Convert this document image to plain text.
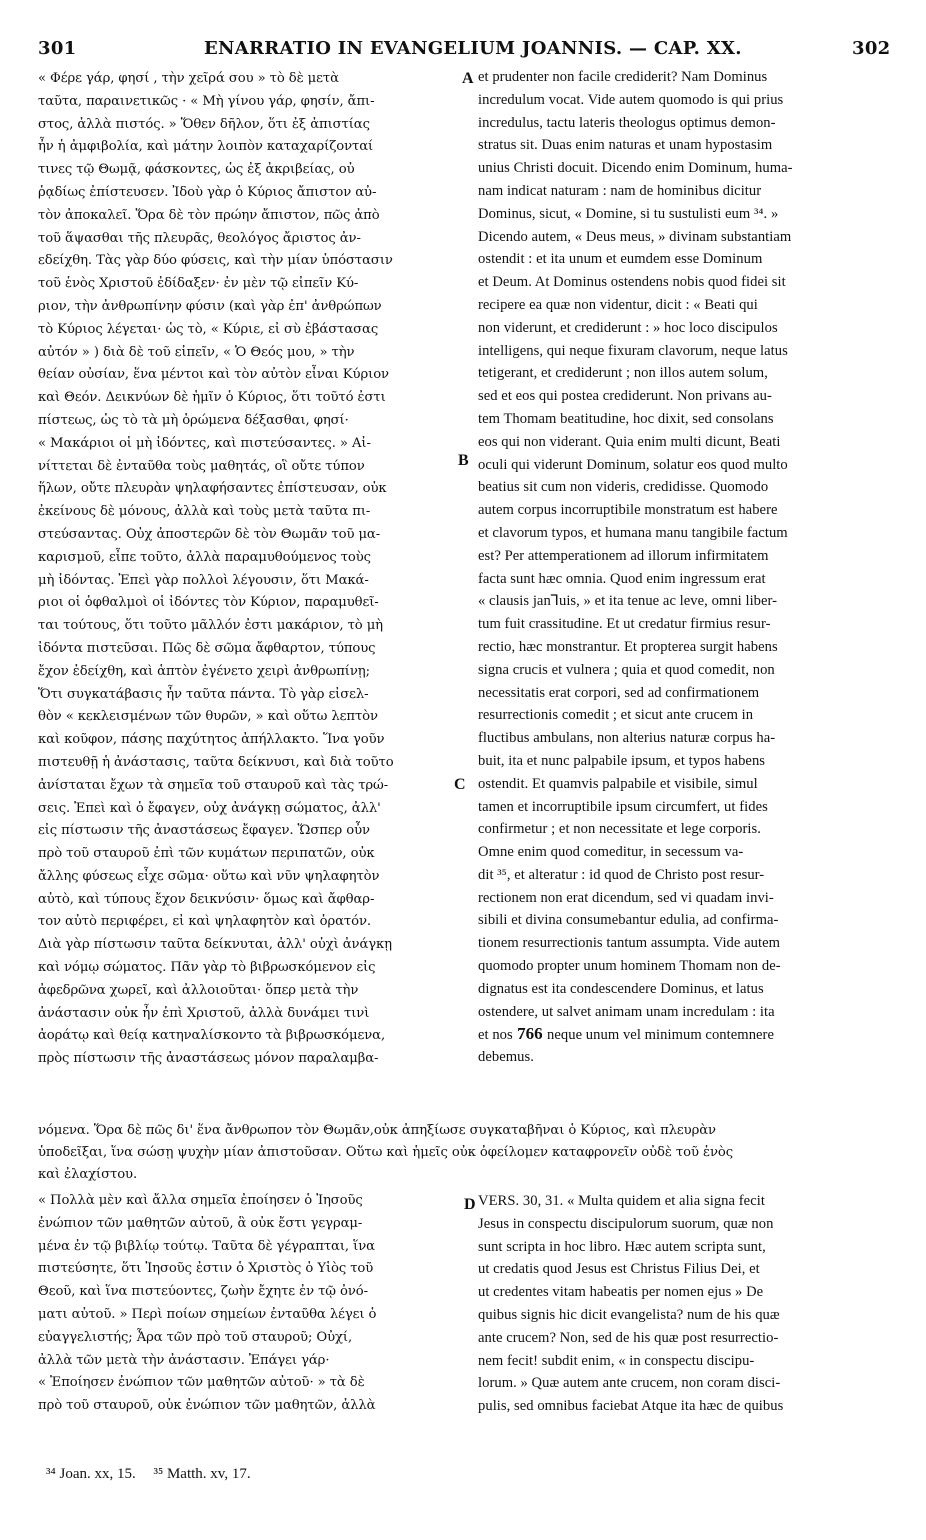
301	ENARRATIO IN EVANGELIUM JOANNIS. — CAP. XX.	302
A
B
C
D
« Φέρε γάρ, φησί , τὴν χεῖρά σου » τὸ δὲ μετὰ
ταῦτα, παραινετικῶς · « Μὴ γίνου γάρ, φησίν, ἄπι-
στος, ἀλλὰ πιστός. » Ὅθεν δῆλον, ὅτι ἐξ ἀπιστίας
ἦν ἡ ἀμφιβολία, καὶ μάτην λοιπὸν καταχαρίζονταί
τινες τῷ Θωμᾷ, φάσκοντες, ὡς ἐξ ἀκριβείας, οὐ
ῥᾳδίως ἐπίστευσεν. Ἰδοὺ γὰρ ὁ Κύριος ἄπιστον αὐ-
τὸν ἀποκαλεῖ. Ὅρα δὲ τὸν πρώην ἄπιστον, πῶς ἀπὸ
τοῦ ἅψασθαι τῆς πλευρᾶς, θεολόγος ἄριστος ἀν-
εδείχθη. Τὰς γὰρ δύο φύσεις, καὶ τὴν μίαν ὑπόστασιν
τοῦ ἑνὸς Χριστοῦ ἐδίδαξεν· ἐν μὲν τῷ εἰπεῖν Κύ-
ριον, τὴν ἀνθρωπίνην φύσιν (καὶ γὰρ ἐπ' ἀνθρώπων
τὸ Κύριος λέγεται· ὡς τὸ, « Κύριε, εἰ σὺ ἐβάστασας
αὐτόν » ) διὰ δὲ τοῦ εἰπεῖν, « Ὁ Θεός μου, » τὴν
θείαν οὐσίαν, ἕνα μέντοι καὶ τὸν αὐτὸν εἶναι Κύριον
καὶ Θεόν. Δεικνύων δὲ ἡμῖν ὁ Κύριος, ὅτι τοῦτό ἐστι
πίστεως, ὡς τὸ τὰ μὴ ὁρώμενα δέξασθαι, φησί·
« Μακάριοι οἱ μὴ ἰδόντες, καὶ πιστεύσαντες. » Αἰ-
νίττεται δὲ ἐνταῦθα τοὺς μαθητάς, οἳ οὔτε τύπον
ἥλων, οὔτε πλευρὰν ψηλαφήσαντες ἐπίστευσαν, οὐκ
ἐκείνους δὲ μόνους, ἀλλὰ καὶ τοὺς μετὰ ταῦτα πι-
στεύσαντας. Οὐχ ἀποστερῶν δὲ τὸν Θωμᾶν τοῦ μα-
καρισμοῦ, εἶπε τοῦτο, ἀλλὰ παραμυθούμενος τοὺς
μὴ ἰδόντας. Ἐπεὶ γὰρ πολλοὶ λέγουσιν, ὅτι Μακά-
ριοι οἱ ὀφθαλμοὶ οἱ ἰδόντες τὸν Κύριον, παραμυθεῖ-
ται τούτους, ὅτι τοῦτο μᾶλλόν ἐστι μακάριον, τὸ μὴ
ἰδόντα πιστεῦσαι. Πῶς δὲ σῶμα ἄφθαρτον, τύπους
ἔχον ἐδείχθη, καὶ ἁπτὸν ἐγένετο χειρὶ ἀνθρωπίνῃ;
Ὅτι συγκατάβασις ἦν ταῦτα πάντα. Τὸ γὰρ εἰσελ-
θὸν « κεκλεισμένων τῶν θυρῶν, » καὶ οὕτω λεπτὸν
καὶ κοῦφον, πάσης παχύτητος ἀπήλλακτο. Ἵνα γοῦν
πιστευθῇ ἡ ἀνάστασις, ταῦτα δείκνυσι, καὶ διὰ τοῦτο
ἀνίσταται ἔχων τὰ σημεῖα τοῦ σταυροῦ καὶ τὰς τρώ-
σεις. Ἐπεὶ καὶ ὁ ἔφαγεν, οὐχ ἀνάγκῃ σώματος, ἀλλ'
εἰς πίστωσιν τῆς ἀναστάσεως ἔφαγεν. Ὥσπερ οὖν
πρὸ τοῦ σταυροῦ ἐπὶ τῶν κυμάτων περιπατῶν, οὐκ
ἄλλης φύσεως εἶχε σῶμα· οὕτω καὶ νῦν ψηλαφητὸν
αὐτὸ, καὶ τύπους ἔχον δεικνύσιν· ὅμως καὶ ἄφθαρ-
τον αὐτὸ περιφέρει, εἰ καὶ ψηλαφητὸν καὶ ὁρατόν.
Διὰ γὰρ πίστωσιν ταῦτα δείκνυται, ἀλλ' οὐχὶ ἀνάγκῃ
καὶ νόμῳ σώματος. Πᾶν γὰρ τὸ βιβρωσκόμενον εἰς
ἀφεδρῶνα χωρεῖ, καὶ ἀλλοιοῦται· ὅπερ μετὰ τὴν
ἀνάστασιν οὐκ ἦν ἐπὶ Χριστοῦ, ἀλλὰ δυνάμει τινὶ
ἀοράτῳ καὶ θείᾳ κατηναλίσκοντο τὰ βιβρωσκόμενα,
πρὸς πίστωσιν τῆς ἀναστάσεως μόνον παραλαμβα-
et prudenter non facile crediderit? Nam Dominus
incredulum vocat. Vide autem quomodo is qui prius
incredulus, tactu lateris theologus optimus demon-
stratus sit. Duas enim naturas et unam hypostasim
unius Christi docuit. Dicendo enim Dominum, huma-
nam indicat naturam : nam de hominibus dicitur
Dominus, sicut, « Domine, si tu sustulisti eum ³⁴. »
Dicendo autem, « Deus meus, » divinam substantiam
ostendit : et ita unum et eumdem esse Dominum
et Deum. At Dominus ostendens nobis quod fidei sit
recipere ea quæ non videntur, dicit : « Beati qui
non viderunt, et crediderunt : » hoc loco discipulos
intelligens, qui neque fixuram clavorum, neque latus
tetigerant, et crediderunt ; non illos autem solum,
sed et eos qui postea crediderunt. Non privans au-
tem Thomam beatitudine, hoc dixit, sed consolans
eos qui non viderant. Quia enim multi dicunt, Beati
oculi qui viderunt Dominum, solatur eos quod multo
beatius sit cum non videris, credidisse. Quomodo
autem corpus incorruptibile monstratum est habere
et clavorum typos, et humana manu tangibile factum
est? Per attemperationem ad illorum infirmitatem
facta sunt hæc omnia. Quod enim ingressum erat
« clausis janꞀuis, » et ita tenue ac leve, omni liber-
tum fuit crassitudine. Et ut credatur firmius resur-
rectio, hæc monstrantur. Et propterea surgit habens
signa crucis et vulnera ; quia et quod comedit, non
necessitatis erat corpori, sed ad confirmationem
resurrectionis comedit ; et sicut ante crucem in
fluctibus ambulans, non alterius naturæ corpus ha-
buit, ita et nunc palpabile ipsum, et typos habens
ostendit. Et quamvis palpabile et visibile, simul
tamen et incorruptibile ipsum circumfert, ut fides
confirmetur ; et non necessitate et lege corporis.
Omne enim quod comeditur, in secessum va-
dit ³⁵, et alteratur : id quod de Christo post resur-
rectionem non erat dicendum, sed vi quadam invi-
sibili et divina consumebantur edulia, ad confirma-
tionem resurrectionis tantum assumpta. Vide autem
quomodo propter unum hominem Thomam non de-
dignatus est ita condescendere Dominus, et latus
ostendere, ut salvet animam unam incredulam : ita
et nos 766 neque unum vel minimum contemnere
debemus.
νόμενα. Ὅρα δὲ πῶς δι' ἕνα ἄνθρωπον τὸν Θωμᾶν,οὐκ ἀπηξίωσε συγκαταβῆναι ὁ Κύριος, καὶ πλευρὰν
ὑποδεῖξαι, ἵνα σώσῃ ψυχὴν μίαν ἀπιστοῦσαν. Οὕτω καὶ ἡμεῖς οὐκ ὀφείλομεν καταφρονεῖν οὐδὲ τοῦ ἑνὸς
καὶ ἐλαχίστου.
« Πολλὰ μὲν καὶ ἄλλα σημεῖα ἐποίησεν ὁ Ἰησοῦς
ἐνώπιον τῶν μαθητῶν αὐτοῦ, ἃ οὐκ ἔστι γεγραμ-
μένα ἐν τῷ βιβλίῳ τούτῳ. Ταῦτα δὲ γέγραπται, ἵνα
πιστεύσητε, ὅτι Ἰησοῦς ἐστιν ὁ Χριστὸς ὁ Υἱὸς τοῦ
Θεοῦ, καὶ ἵνα πιστεύοντες, ζωὴν ἔχητε ἐν τῷ ὀνό-
ματι αὐτοῦ. » Περὶ ποίων σημείων ἐνταῦθα λέγει ὁ
εὐαγγελιστής; Ἆρα τῶν πρὸ τοῦ σταυροῦ; Οὐχί,
ἀλλὰ τῶν μετὰ τὴν ἀνάστασιν. Ἐπάγει γάρ·
« Ἐποίησεν ἐνώπιον τῶν μαθητῶν αὐτοῦ· » τὰ δὲ
πρὸ τοῦ σταυροῦ, οὐκ ἐνώπιον τῶν μαθητῶν, ἀλλὰ
VERS. 30, 31. « Multa quidem et alia signa fecit
Jesus in conspectu discipulorum suorum, quæ non
sunt scripta in hoc libro. Hæc autem scripta sunt,
ut credatis quod Jesus est Christus Filius Dei, et
ut credentes vitam habeatis per nomen ejus » De
quibus signis hic dicit evangelista? num de his quæ
ante crucem? Non, sed de his quæ post resurrectio-
nem fecit! subdit enim, « in conspectu discipu-
lorum. » Quæ autem ante crucem, non coram disci-
pulis, sed omnibus faciebat Atque ita hæc de quibus
³⁴ Joan. xx, 15. ³⁵ Matth. xv, 17.
